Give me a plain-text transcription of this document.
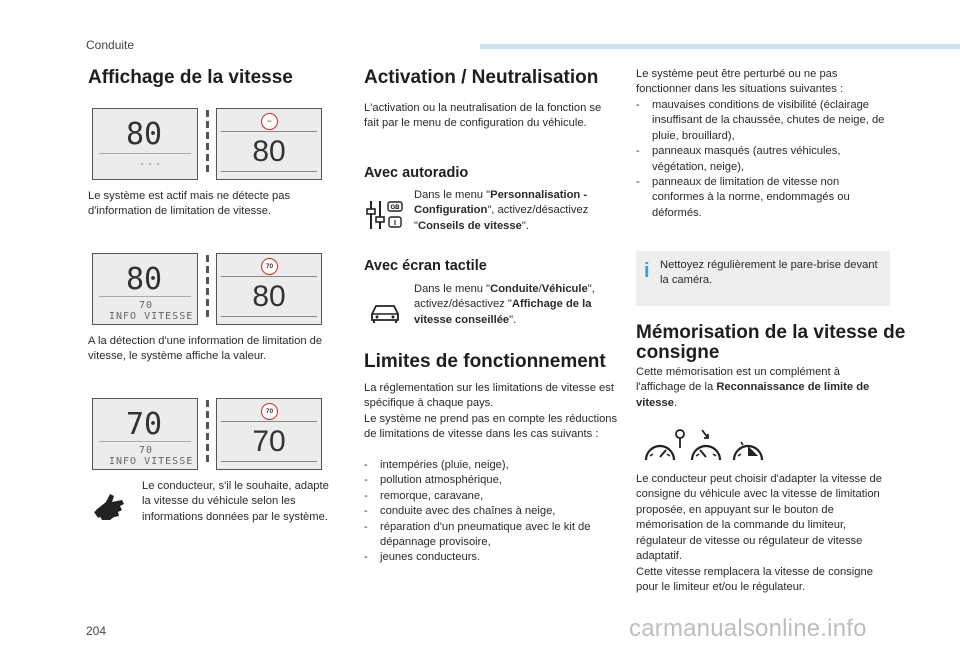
Conduite
Affichage de la vitesse
80
---
--
80

Le système est actif mais ne détecte pas d'information de limitation de vitesse.

80
70
INFO VITESSE
70
80

A la détection d'une information de limitation de vitesse, le système affiche la valeur.

70
70
INFO VITESSE
70
70

Le conducteur, s'il le souhaite, adapte la vitesse du véhicule selon les informations données par le système.

Activation / Neutralisation

L'activation ou la neutralisation de la fonction se fait par le menu de configuration du véhicule.

Avec autoradio
GB
I

Dans le menu "Personnalisation - Configuration", activez/désactivez "Conseils de vitesse".

Avec écran tactile

Dans le menu "Conduite/Véhicule", activez/désactivez "Affichage de la vitesse conseillée".

Limites de fonctionnement

La réglementation sur les limitations de vitesse est spécifique à chaque pays.

Le système ne prend pas en compte les réductions de limitations de vitesse dans les cas suivants :

- intempéries (pluie, neige),
- pollution atmosphérique,
- remorque, caravane,
- conduite avec des chaînes à neige,
- réparation d'un pneumatique avec le kit de dépannage provisoire,
- jeunes conducteurs.

Le système peut être perturbé ou ne pas fonctionner dans les situations suivantes :

- mauvaises conditions de visibilité (éclairage insuffisant de la chaussée, chutes de neige, de pluie, brouillard),
- panneaux masqués (autres véhicules, végétation, neige),
- panneaux de limitation de vitesse non conformes à la norme, endommagés ou déformés.
i Nettoyez régulièrement le pare-brise devant la caméra.
Mémorisation de la vitesse de consigne

Cette mémorisation est un complément à l'affichage de la Reconnaissance de limite de vitesse.

Le conducteur peut choisir d'adapter la vitesse de consigne du véhicule avec la vitesse de limitation proposée, en appuyant sur le bouton de mémorisation de la commande du limiteur, régulateur de vitesse ou régulateur de vitesse adaptatif.

Cette vitesse remplacera la vitesse de consigne pour le limiteur et/ou le régulateur.

204	carmanualsonline.info
